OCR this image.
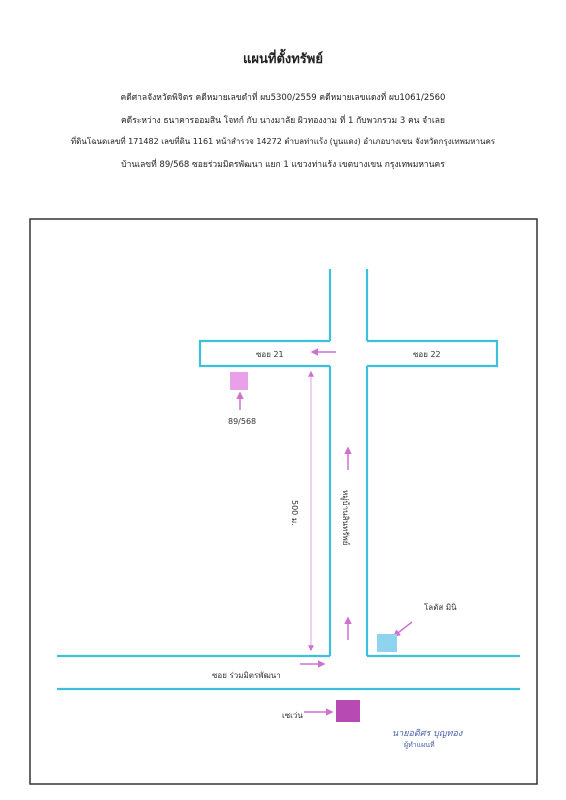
แผนที่ตั้งทรัพย์
คดีศาลจังหวัดพิจิตร คดีหมายเลขดำที่ ผบ5300/2559 คดีหมายเลขแดงที่ ผบ1061/2560
คดีระหว่าง ธนาคารออมสิน โจทก์ กับ นางมาลัย ผิวทองงาม ที่ 1 กับพวกรวม 3 คน จำเลย
ที่ดินโฉนดเลขที่ 171482 เลขที่ดิน 1161 หน้าสำรวจ 14272 ตำบลท่าแร้ง (บูนแดง) อำเภอบางเขน จังหวัดกรุงเทพมหานคร
บ้านเลขที่ 89/568 ซอยร่วมมิตรพัฒนา แยก 1 แขวงท่าแร้ง เขตบางเขน กรุงเทพมหานคร
ซอย 21	ซอย 22
89/568
500 ม.	หมู่บ้านสินทรัพย์
โลตัส มินิ
ซอย ร่วมมิตรพัฒนา
เซเว่น
นายอดิศร บุญทอง
ผู้ทำแผนที่
